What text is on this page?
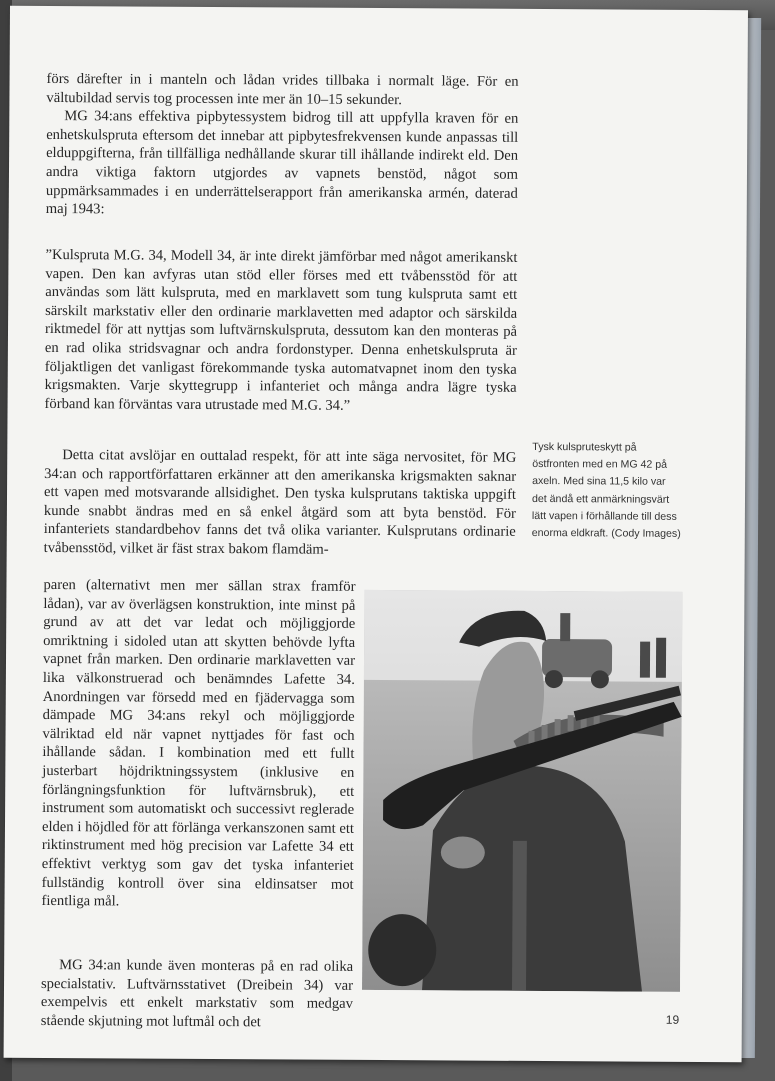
förs därefter in i manteln och lådan vrides tillbaka i normalt läge. För en vältubildad servis tog processen inte mer än 10–15 sekunder.

MG 34:ans effektiva pipbytessystem bidrog till att uppfylla kraven för en enhetskulspruta eftersom det innebar att pipbytesfrekvensen kunde anpassas till elduppgifterna, från tillfälliga nedhållande skurar till ihållande indirekt eld. Den andra viktiga faktorn utgjordes av vapnets benstöd, något som uppmärksammades i en underrättelserapport från amerikanska armén, daterad maj 1943:

”Kulspruta M.G. 34, Modell 34, är inte direkt jämförbar med något amerikanskt vapen. Den kan avfyras utan stöd eller förses med ett tvåbensstöd för att användas som lätt kulspruta, med en marklavett som tung kulspruta samt ett särskilt markstativ eller den ordinarie marklavetten med adaptor och särskilda riktmedel för att nyttjas som luftvärnskulspruta, dessutom kan den monteras på en rad olika stridsvagnar och andra fordonstyper. Denna enhetskulspruta är följaktligen det vanligast förekommande tyska automatvapnet inom den tyska krigsmakten. Varje skyttegrupp i infanteriet och många andra lägre tyska förband kan förväntas vara utrustade med M.G. 34.”

Detta citat avslöjar en outtalad respekt, för att inte säga nervositet, för MG 34:an och rapportförfattaren erkänner att den amerikanska krigsmakten saknar ett vapen med motsvarande allsidighet. Den tyska kulsprutans taktiska uppgift kunde snabbt ändras med en så enkel åtgärd som att byta benstöd. För infanteriets standardbehov fanns det två olika varianter. Kulsprutans ordinarie tvåbensstöd, vilket är fäst strax bakom flamdäm-

Tysk kulspruteskytt på östfronten med en MG 42 på axeln. Med sina 11,5 kilo var det ändå ett anmärkningsvärt lätt vapen i förhållande till dess enorma eldkraft. (Cody Images)

paren (alternativt men mer sällan strax framför lådan), var av överlägsen konstruktion, inte minst på grund av att det var ledat och möjliggjorde omriktning i sidoled utan att skytten behövde lyfta vapnet från marken. Den ordinarie marklavetten var lika välkonstruerad och benämndes Lafette 34. Anordningen var försedd med en fjädervagga som dämpade MG 34:ans rekyl och möjliggjorde välriktad eld när vapnet nyttjades för fast och ihållande sådan. I kombination med ett fullt justerbart höjdriktningssystem (inklusive en förlängningsfunktion för luftvärnsbruk), ett instrument som automatiskt och successivt reglerade elden i höjdled för att förlänga verkanszonen samt ett riktinstrument med hög precision var Lafette 34 ett effektivt verktyg som gav det tyska infanteriet fullständig kontroll över sina eldinsatser mot fientliga mål.

MG 34:an kunde även monteras på en rad olika specialstativ. Luftvärnsstativet (Dreibein 34) var exempelvis ett enkelt markstativ som medgav stående skjutning mot luftmål och det	19
